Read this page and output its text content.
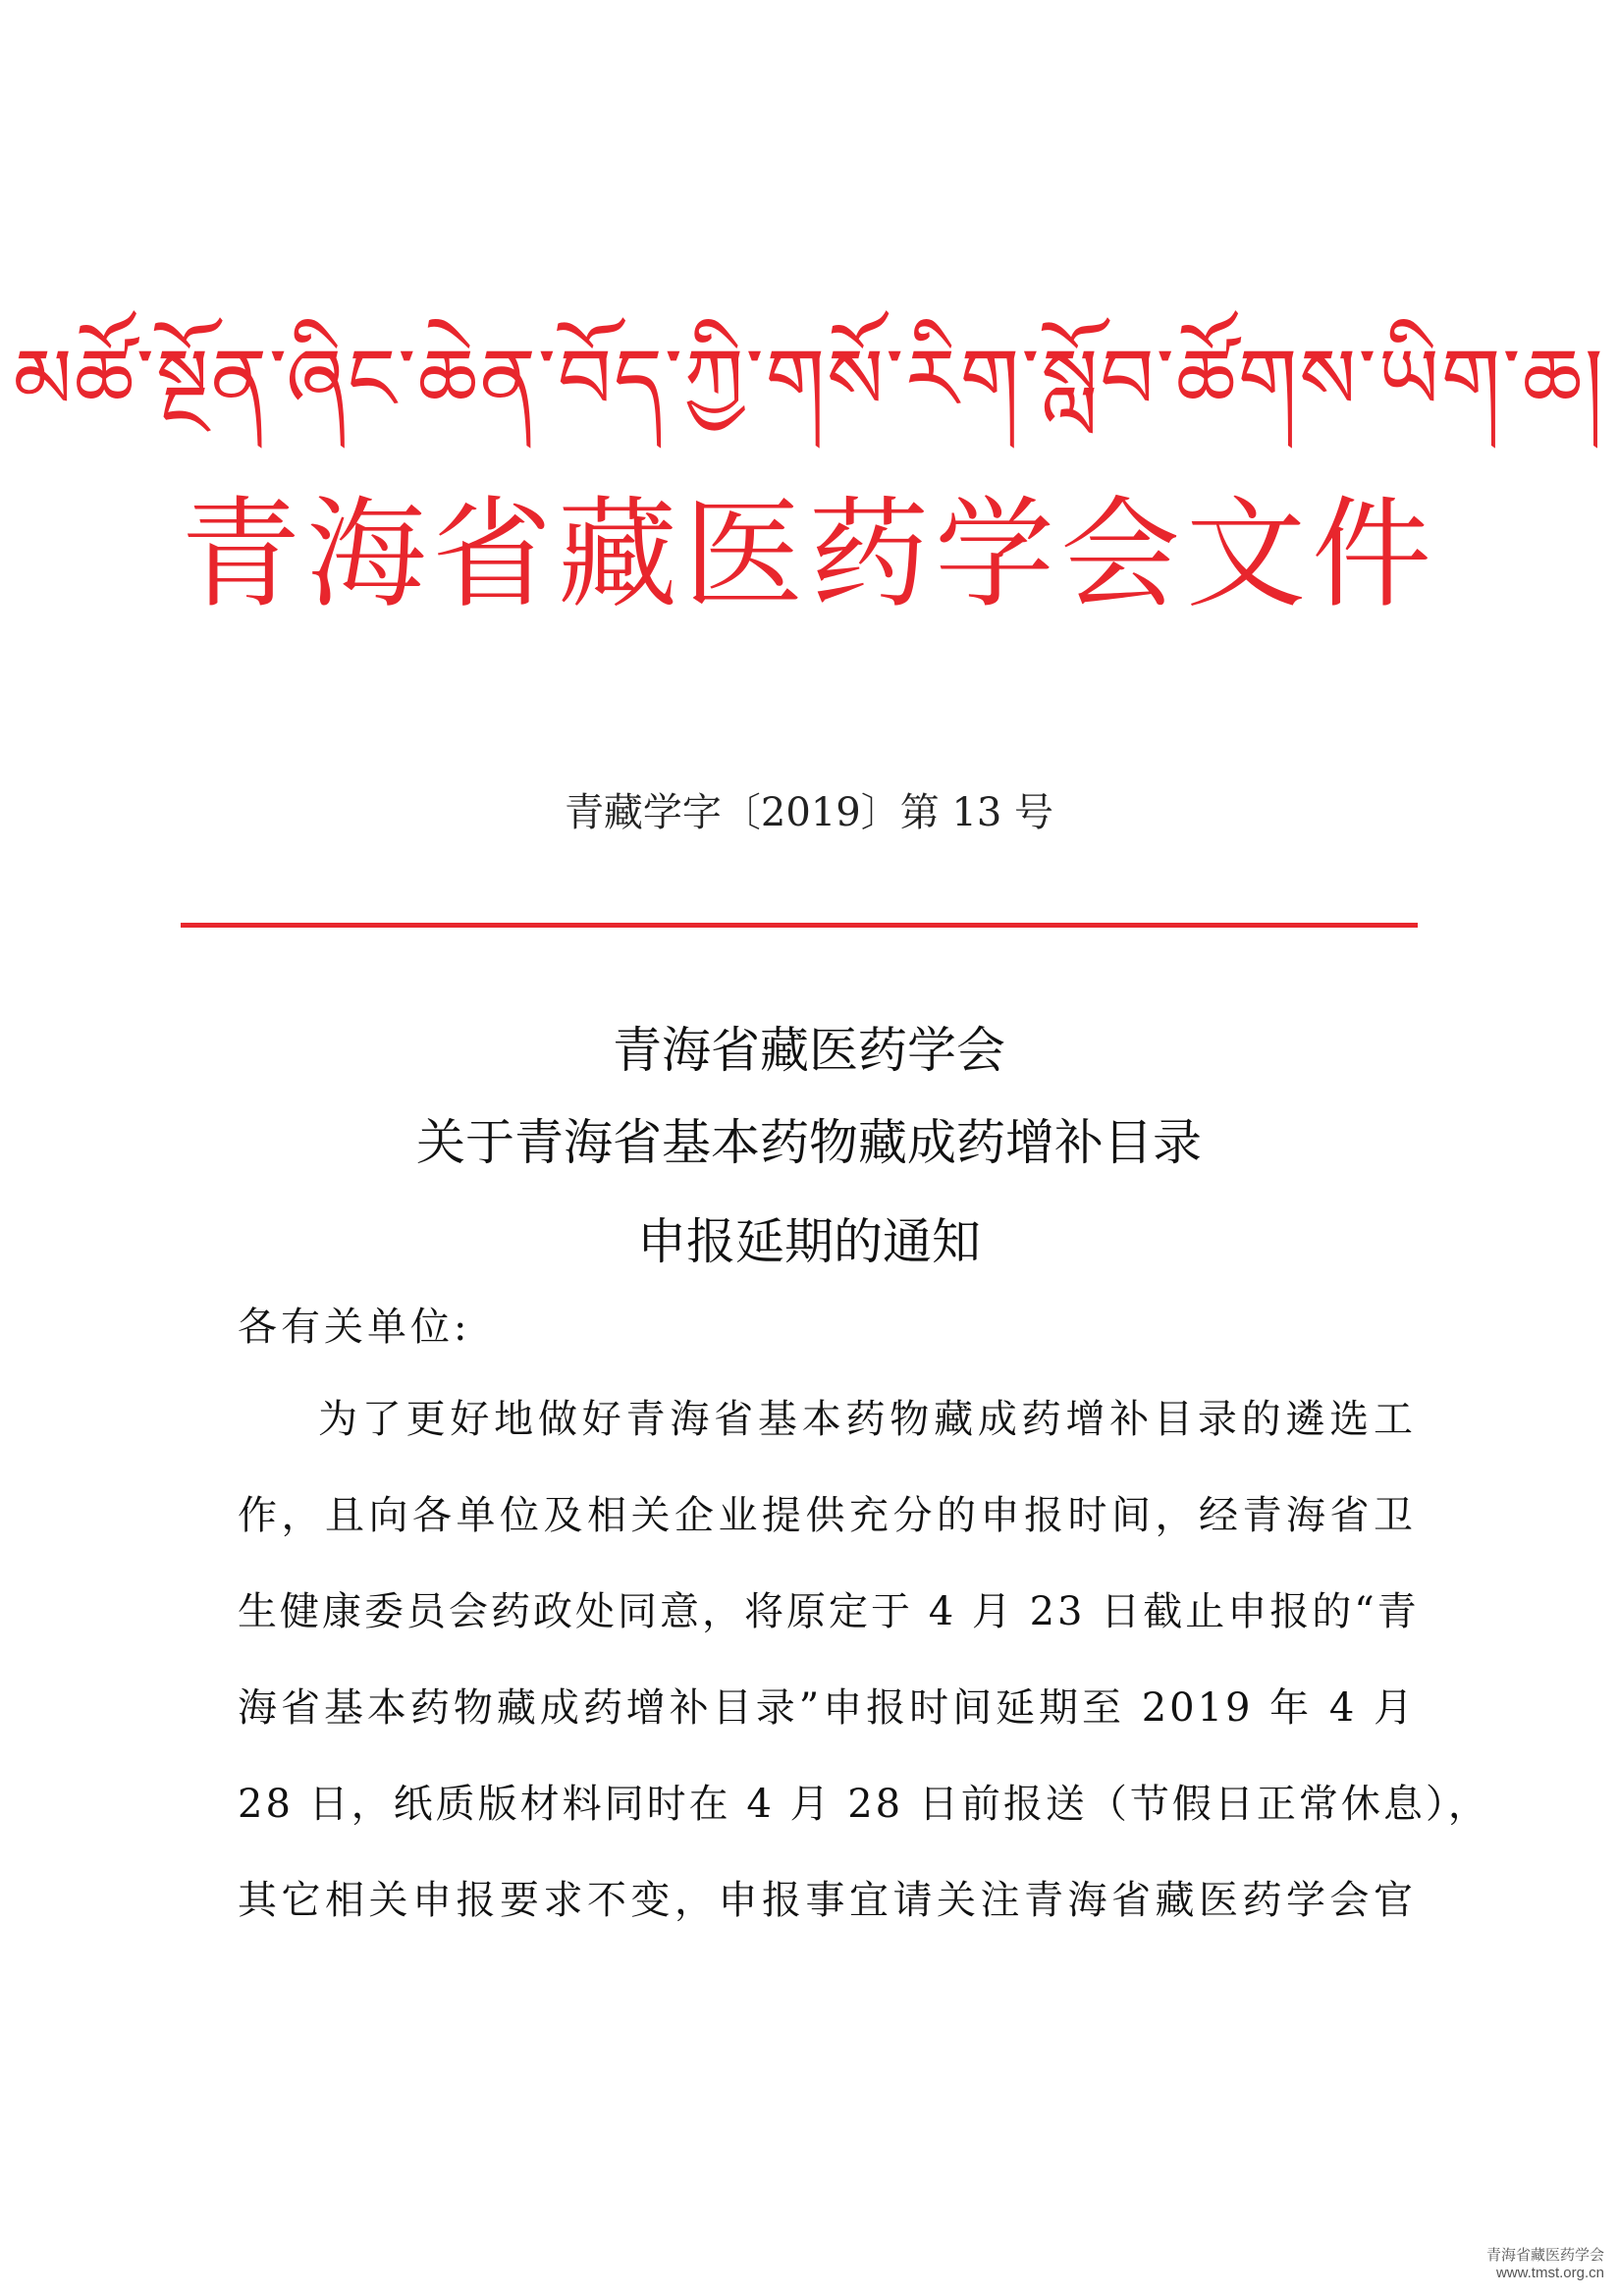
མཚོ་སྔོན་ཞིང་ཆེན་བོད་ཀྱི་གསོ་རིག་སློབ་ཚོགས་ཡིག་ཆ།
青海省藏医药学会文件
青藏学字〔2019〕第 13 号
青海省藏医药学会
关于青海省基本药物藏成药增补目录
申报延期的通知
各有关单位:
为了更好地做好青海省基本药物藏成药增补目录的遴选工
作，且向各单位及相关企业提供充分的申报时间，经青海省卫
生健康委员会药政处同意，将原定于 4 月 23 日截止申报的“青
海省基本药物藏成药增补目录”申报时间延期至 2019 年 4 月
28 日，纸质版材料同时在 4 月 28 日前报送（节假日正常休息），
其它相关申报要求不变，申报事宜请关注青海省藏医药学会官
青海省藏医药学会
www.tmst.org.cn
